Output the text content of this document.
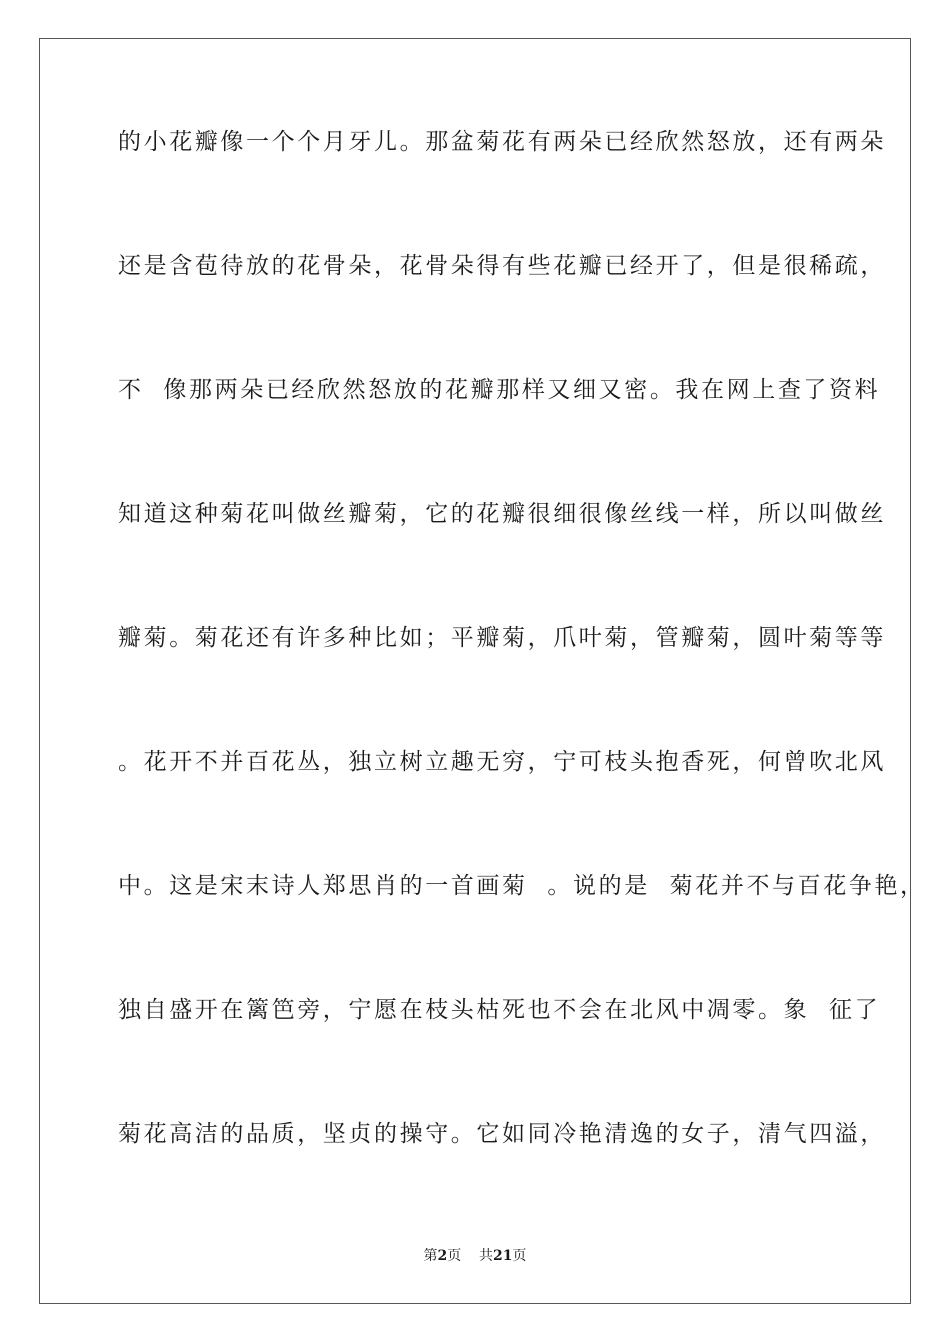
的小花瓣像一个个月牙儿。那盆菊花有两朵已经欣然怒放，还有两朵
还是含苞待放的花骨朵，花骨朵得有些花瓣已经开了，但是很稀疏，
不  像那两朵已经欣然怒放的花瓣那样又细又密。我在网上查了资料
知道这种菊花叫做丝瓣菊，它的花瓣很细很像丝线一样，所以叫做丝
瓣菊。菊花还有许多种比如；平瓣菊，爪叶菊，管瓣菊，圆叶菊等等
。花开不并百花丛，独立树立趣无穷，宁可枝头抱香死，何曾吹北风
中。这是宋末诗人郑思肖的一首画菊  。说的是  菊花并不与百花争艳，
独自盛开在篱笆旁，宁愿在枝头枯死也不会在北风中凋零。象  征了
菊花高洁的品质，坚贞的操守。它如同冷艳清逸的女子，清气四溢，
第2页 共21页
